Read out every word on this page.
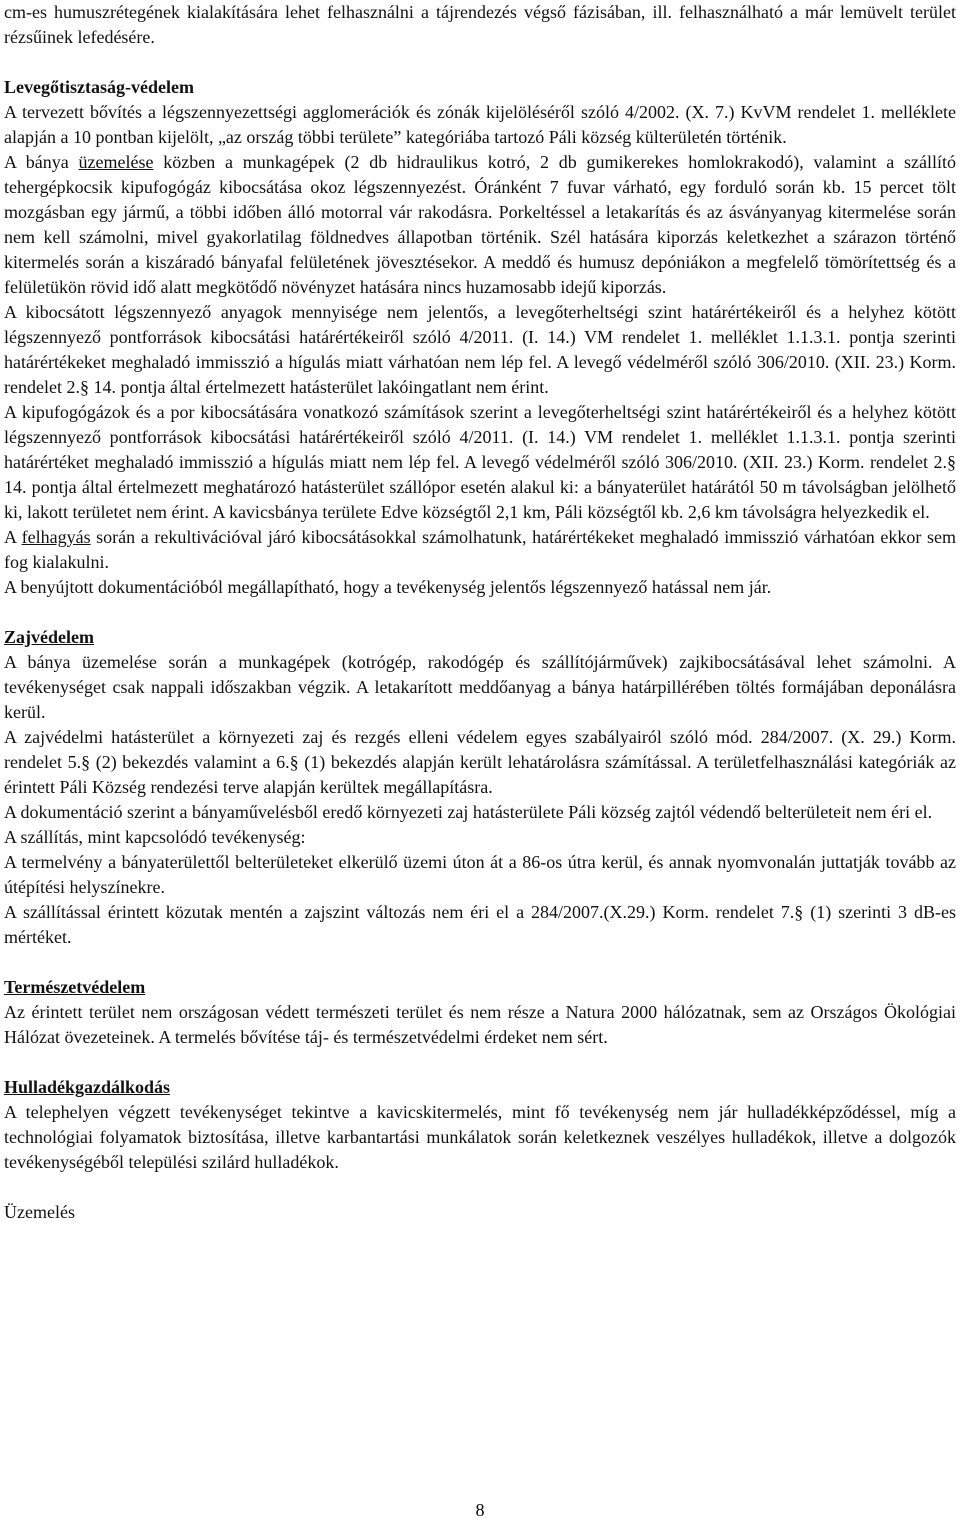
cm-es humuszrétegének kialakítására lehet felhasználni a tájrendezés végső fázisában, ill. felhasználható a már lemüvelt terület rézsűinek lefedésére.

Levegőtisztaság-védelem

A tervezett bővítés a légszennyezettségi agglomerációk és zónák kijelöléséről szóló 4/2002. (X. 7.) KvVM rendelet 1. melléklete alapján a 10 pontban kijelölt, „az ország többi területe” kategóriába tartozó Páli község külterületén történik.

A bánya üzemelése közben a munkagépek (2 db hidraulikus kotró, 2 db gumikerekes homlokrakodó), valamint a szállító tehergépkocsik kipufogógáz kibocsátása okoz légszennyezést. Óránként 7 fuvar várható, egy forduló során kb. 15 percet tölt mozgásban egy jármű, a többi időben álló motorral vár rakodásra. Porkeltéssel a letakarítás és az ásványanyag kitermelése során nem kell számolni, mivel gyakorlatilag földnedves állapotban történik. Szél hatására kiporzás keletkezhet a szárazon történő kitermelés során a kiszáradó bányafal felületének jövesztésekor. A meddő és humusz depóniákon a megfelelő tömörítettség és a felületükön rövid idő alatt megkötődő növényzet hatására nincs huzamosabb idejű kiporzás.

A kibocsátott légszennyező anyagok mennyisége nem jelentős, a levegőterheltségi szint határértékeiről és a helyhez kötött légszennyező pontforrások kibocsátási határértékeiről szóló 4/2011. (I. 14.) VM rendelet 1. melléklet 1.1.3.1. pontja szerinti határértékeket meghaladó immisszió a hígulás miatt várhatóan nem lép fel. A levegő védelméről szóló 306/2010. (XII. 23.) Korm. rendelet 2.§ 14. pontja által értelmezett hatásterület lakóingatlant nem érint.

A kipufogógázok és a por kibocsátására vonatkozó számítások szerint a levegőterheltségi szint határértékeiről és a helyhez kötött légszennyező pontforrások kibocsátási határértékeiről szóló 4/2011. (I. 14.) VM rendelet 1. melléklet 1.1.3.1. pontja szerinti határértéket meghaladó immisszió a hígulás miatt nem lép fel. A levegő védelméről szóló 306/2010. (XII. 23.) Korm. rendelet 2.§ 14. pontja által értelmezett meghatározó hatásterület szállópor esetén alakul ki: a bányaterület határától 50 m távolságban jelölhető ki, lakott területet nem érint. A kavicsbánya területe Edve községtől 2,1 km, Páli községtől kb. 2,6 km távolságra helyezkedik el.

A felhagyás során a rekultivációval járó kibocsátásokkal számolhatunk, határértékeket meghaladó immisszió várhatóan ekkor sem fog kialakulni.

A benyújtott dokumentációból megállapítható, hogy a tevékenység jelentős légszennyező hatással nem jár.

Zajvédelem

A bánya üzemelése során a munkagépek (kotrógép, rakodógép és szállítójárművek) zajkibocsátásával lehet számolni. A tevékenységet csak nappali időszakban végzik. A letakarított meddőanyag a bánya határpillérében töltés formájában deponálásra kerül.

A zajvédelmi hatásterület a környezeti zaj és rezgés elleni védelem egyes szabályairól szóló mód. 284/2007. (X. 29.) Korm. rendelet 5.§ (2) bekezdés valamint a 6.§ (1) bekezdés alapján került lehatárolásra számítással. A területfelhasználási kategóriák az érintett Páli Község rendezési terve alapján kerültek megállapításra.

A dokumentáció szerint a bányaművelésből eredő környezeti zaj hatásterülete Páli község zajtól védendő belterületeit nem éri el.

A szállítás, mint kapcsolódó tevékenység:

A termelvény a bányaterülettől belterületeket elkerülő üzemi úton át a 86-os útra kerül, és annak nyomvonalán juttatják tovább az útépítési helyszínekre.

A szállítással érintett közutak mentén a zajszint változás nem éri el a 284/2007.(X.29.) Korm. rendelet 7.§ (1) szerinti 3 dB-es mértéket.

Természetvédelem

Az érintett terület nem országosan védett természeti terület és nem része a Natura 2000 hálózatnak, sem az Országos Ökológiai Hálózat övezeteinek. A termelés bővítése táj- és természetvédelmi érdeket nem sért.

Hulladékgazdálkodás

A telephelyen végzett tevékenységet tekintve a kavicskitermelés, mint fő tevékenység nem jár hulladékképződéssel, míg a technológiai folyamatok biztosítása, illetve karbantartási munkálatok során keletkeznek veszélyes hulladékok, illetve a dolgozók tevékenységéből települési szilárd hulladékok.

Üzemelés

8
